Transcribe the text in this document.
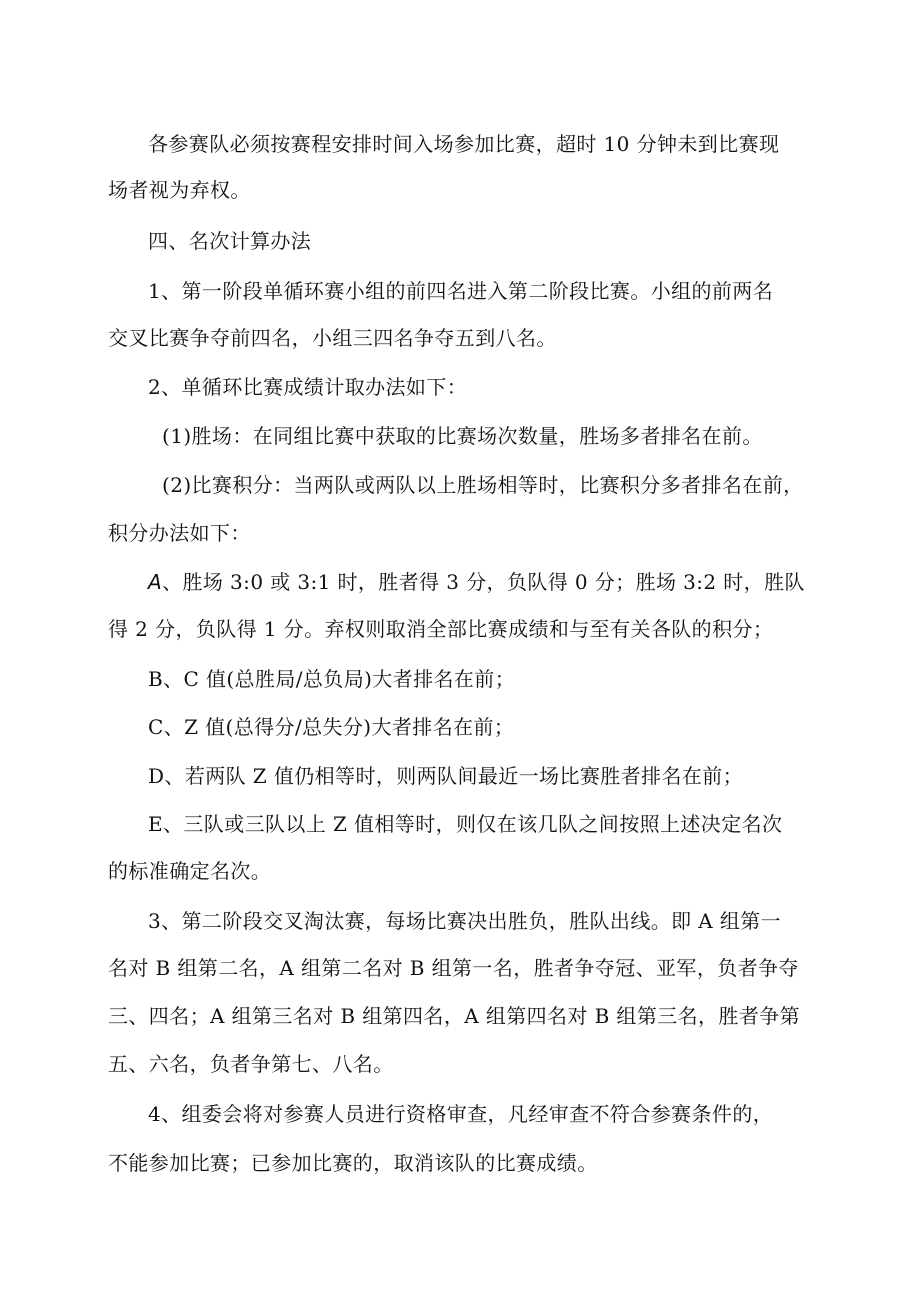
各参赛队必须按赛程安排时间入场参加比赛，超时 10 分钟未到比赛现
场者视为弃权。
四、名次计算办法
1、第一阶段单循环赛小组的前四名进入第二阶段比赛。小组的前两名
交叉比赛争夺前四名，小组三四名争夺五到八名。
2、单循环比赛成绩计取办法如下：
(1)胜场：在同组比赛中获取的比赛场次数量，胜场多者排名在前。
(2)比赛积分：当两队或两队以上胜场相等时，比赛积分多者排名在前，
积分办法如下：
A、胜场 3:0 或 3:1 时，胜者得 3 分，负队得 0 分；胜场 3:2 时，胜队
得 2 分，负队得 1 分。弃权则取消全部比赛成绩和与至有关各队的积分；
B、C 值(总胜局/总负局)大者排名在前；
C、Z 值(总得分/总失分)大者排名在前；
D、若两队 Z 值仍相等时，则两队间最近一场比赛胜者排名在前；
E、三队或三队以上 Z 值相等时，则仅在该几队之间按照上述决定名次
的标准确定名次。
3、第二阶段交叉淘汰赛，每场比赛决出胜负，胜队出线。即 A 组第一
名对 B 组第二名，A 组第二名对 B 组第一名，胜者争夺冠、亚军，负者争夺
三、四名；A 组第三名对 B 组第四名，A 组第四名对 B 组第三名，胜者争第
五、六名，负者争第七、八名。
4、组委会将对参赛人员进行资格审查，凡经审查不符合参赛条件的，
不能参加比赛；已参加比赛的，取消该队的比赛成绩。
